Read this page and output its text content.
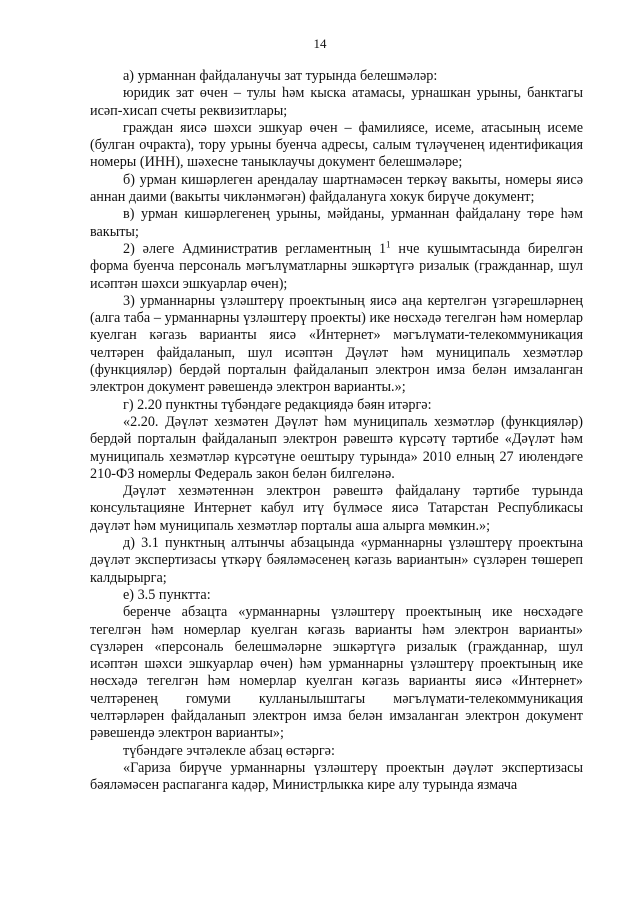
14

а) урманнан файдаланучы зат турында белешмәләр:

юридик зат өчен – тулы һәм кыска атамасы, урнашкан урыны, банктагы исәп-хисап счеты реквизитлары;

граждан яисә шәхси эшкуар өчен – фамилиясе, исеме, атасының исеме (булган очракта), тору урыны буенча адресы, салым түләүченең идентификация номеры (ИНН), шәхесне таныклаучы документ белешмәләре;

б) урман кишәрлеген арендалау шартнамәсен теркәү вакыты, номеры яисә аннан даими (вакыты чикләнмәгән) файдалануга хокук бирүче документ;

в) урман кишәрлегенең урыны, мәйданы, урманнан файдалану төре һәм вакыты;

2) әлеге Административ регламентның $1^1$ нче кушымтасында бирелгән форма буенча персональ мәгълүматларны эшкәртүгә ризалык (гражданнар, шул исәптән шәхси эшкуарлар өчен);

3) урманнарны үзләштерү проектының яисә аңа кертелгән үзгәрешләрнең (алга таба – урманнарны үзләштерү проекты) ике нөсхәдә тегелгән һәм номерлар куелган кәгазь варианты яисә «Интернет» мәгълүмати-телекоммуникация челтәрен файдаланып, шул исәптән Дәүләт һәм муниципаль хезмәтләр (функцияләр) бердәй порталын файдаланып электрон имза белән имзаланган электрон документ рәвешендә электрон варианты.»;

г) 2.20 пунктны түбәндәге редакциядә бәян итәргә:

«2.20. Дәүләт хезмәтен Дәүләт һәм муниципаль хезмәтләр (функцияләр) бердәй порталын файдаланып электрон рәвештә күрсәтү тәртибе «Дәүләт һәм муниципаль хезмәтләр күрсәтүне оештыру турында» 2010 елның 27 июлендәге 210-ФЗ номерлы Федераль закон белән билгеләнә.

Дәүләт хезмәтеннән электрон рәвештә файдалану тәртибе турында консультацияне Интернет кабул итү бүлмәсе яисә Татарстан Республикасы дәүләт һәм муниципаль хезмәтләр порталы аша алырга мөмкин.»;

д) 3.1 пунктның алтынчы абзацында «урманнарны үзләштерү проектына дәүләт экспертизасы үткәрү бәяләмәсенең кәгазь вариантын» сүзләрен төшереп калдырырга;

е) 3.5 пунктта:

беренче абзацта «урманнарны үзләштерү проектының ике нөсхәдәге тегелгән һәм номерлар куелган кәгазь варианты һәм электрон варианты» сүзләрен «персональ белешмәләрне эшкәртүгә ризалык (гражданнар, шул исәптән шәхси эшкуарлар өчен) һәм урманнарны үзләштерү проектының ике нөсхәдә тегелгән һәм номерлар куелган кәгазь варианты яисә «Интернет» челтәренең гомуми кулланылыштагы мәгълүмати-телекоммуникация челтәрләрен файдаланып электрон имза белән имзаланган электрон документ рәвешендә электрон варианты»;

түбәндәге эчтәлекле абзац өстәргә:

«Гариза бирүче урманнарны үзләштерү проектын дәүләт экспертизасы бәяләмәсен распаганга кадәр, Министрлыкка кире алу турында язмача
